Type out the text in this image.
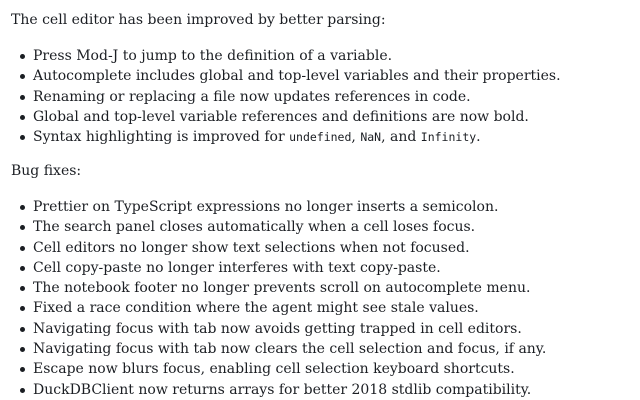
The cell editor has been improved by better parsing:

Press Mod-J to jump to the definition of a variable.
Autocomplete includes global and top-level variables and their properties.
Renaming or replacing a file now updates references in code.
Global and top-level variable references and definitions are now bold.
Syntax highlighting is improved for undefined, NaN, and Infinity.

Bug fixes:

Prettier on TypeScript expressions no longer inserts a semicolon.
The search panel closes automatically when a cell loses focus.
Cell editors no longer show text selections when not focused.
Cell copy-paste no longer interferes with text copy-paste.
The notebook footer no longer prevents scroll on autocomplete menu.
Fixed a race condition where the agent might see stale values.
Navigating focus with tab now avoids getting trapped in cell editors.
Navigating focus with tab now clears the cell selection and focus, if any.
Escape now blurs focus, enabling cell selection keyboard shortcuts.
DuckDBClient now returns arrays for better 2018 stdlib compatibility.
